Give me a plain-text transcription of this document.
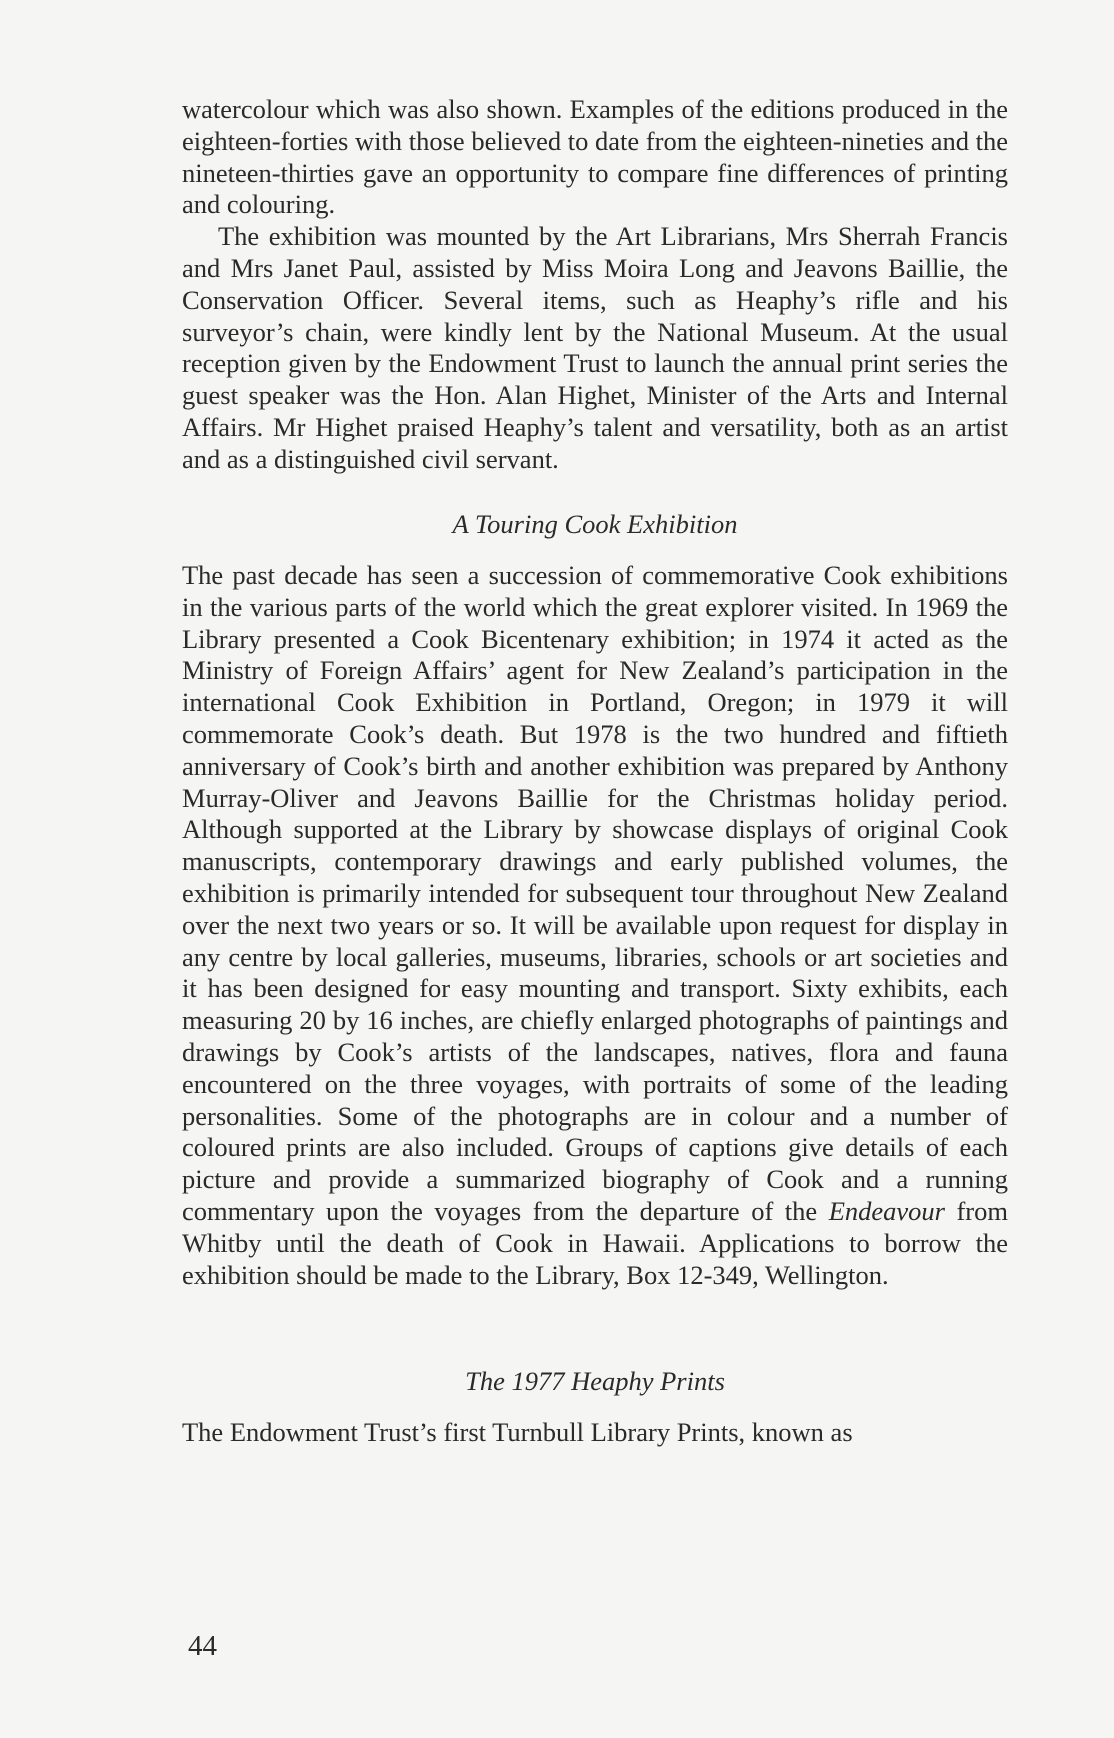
watercolour which was also shown. Examples of the editions produced in the eighteen-forties with those believed to date from the eighteen-nineties and the nineteen-thirties gave an opportunity to compare fine differences of printing and colouring.

The exhibition was mounted by the Art Librarians, Mrs Sherrah Francis and Mrs Janet Paul, assisted by Miss Moira Long and Jeavons Baillie, the Conservation Officer. Several items, such as Heaphy’s rifle and his surveyor’s chain, were kindly lent by the National Museum. At the usual reception given by the Endowment Trust to launch the annual print series the guest speaker was the Hon. Alan Highet, Minister of the Arts and Internal Affairs. Mr Highet praised Heaphy’s talent and versatility, both as an artist and as a distinguished civil servant.

A Touring Cook Exhibition

The past decade has seen a succession of commemorative Cook exhibitions in the various parts of the world which the great explorer visited. In 1969 the Library presented a Cook Bicentenary exhibition; in 1974 it acted as the Ministry of Foreign Affairs’ agent for New Zealand’s participation in the international Cook Exhibition in Portland, Oregon; in 1979 it will commemorate Cook’s death. But 1978 is the two hundred and fiftieth anniversary of Cook’s birth and another exhibition was prepared by Anthony Murray-Oliver and Jeavons Baillie for the Christmas holiday period. Although supported at the Library by showcase displays of original Cook manuscripts, contemporary drawings and early published volumes, the exhibition is primarily intended for subsequent tour throughout New Zealand over the next two years or so. It will be available upon request for display in any centre by local galleries, museums, libraries, schools or art societies and it has been designed for easy mounting and transport. Sixty exhibits, each measuring 20 by 16 inches, are chiefly enlarged photographs of paintings and drawings by Cook’s artists of the landscapes, natives, flora and fauna encountered on the three voyages, with portraits of some of the leading personalities. Some of the photographs are in colour and a number of coloured prints are also included. Groups of captions give details of each picture and provide a summarized biography of Cook and a running commentary upon the voyages from the departure of the Endeavour from Whitby until the death of Cook in Hawaii. Applications to borrow the exhibition should be made to the Library, Box 12-349, Wellington.

The 1977 Heaphy Prints

The Endowment Trust’s first Turnbull Library Prints, known as

44
